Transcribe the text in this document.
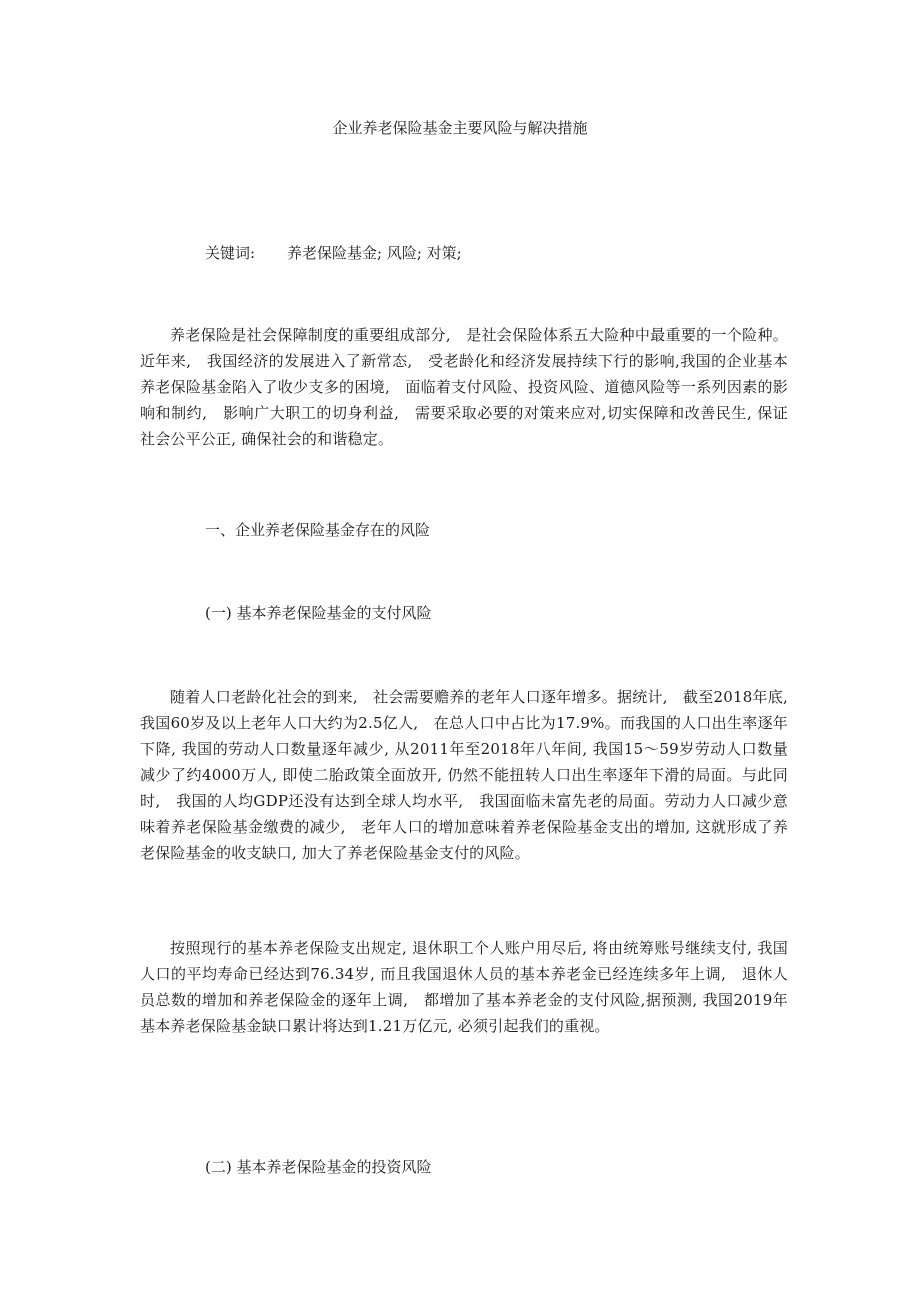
企业养老保险基金主要风险与解决措施

关键词: 养老保险基金; 风险; 对策;

养老保险是社会保障制度的重要组成部分,　是社会保险体系五大险种中最重要的一个险种。近年来,　我国经济的发展进入了新常态,　受老龄化和经济发展持续下行的影响,我国的企业基本养老保险基金陷入了收少支多的困境,　面临着支付风险、投资风险、道德风险等一系列因素的影响和制约,　影响广大职工的切身利益,　需要采取必要的对策来应对,切实保障和改善民生, 保证社会公平公正, 确保社会的和谐稳定。

一、企业养老保险基金存在的风险
(一) 基本养老保险基金的支付风险

随着人口老龄化社会的到来,　社会需要赡养的老年人口逐年增多。据统计,　截至2018年底,　我国60岁及以上老年人口大约为2.5亿人,　在总人口中占比为17.9%。而我国的人口出生率逐年下降, 我国的劳动人口数量逐年减少, 从2011年至2018年八年间, 我国15～59岁劳动人口数量减少了约4000万人, 即使二胎政策全面放开, 仍然不能扭转人口出生率逐年下滑的局面。与此同时,　我国的人均GDP还没有达到全球人均水平,　我国面临未富先老的局面。劳动力人口减少意味着养老保险基金缴费的减少,　老年人口的增加意味着养老保险基金支出的增加, 这就形成了养老保险基金的收支缺口, 加大了养老保险基金支付的风险。

按照现行的基本养老保险支出规定, 退休职工个人账户用尽后, 将由统筹账号继续支付, 我国人口的平均寿命已经达到76.34岁, 而且我国退休人员的基本养老金已经连续多年上调,　退休人员总数的增加和养老保险金的逐年上调,　都增加了基本养老金的支付风险,据预测, 我国2019年基本养老保险基金缺口累计将达到1.21万亿元, 必须引起我们的重视。

(二) 基本养老保险基金的投资风险
